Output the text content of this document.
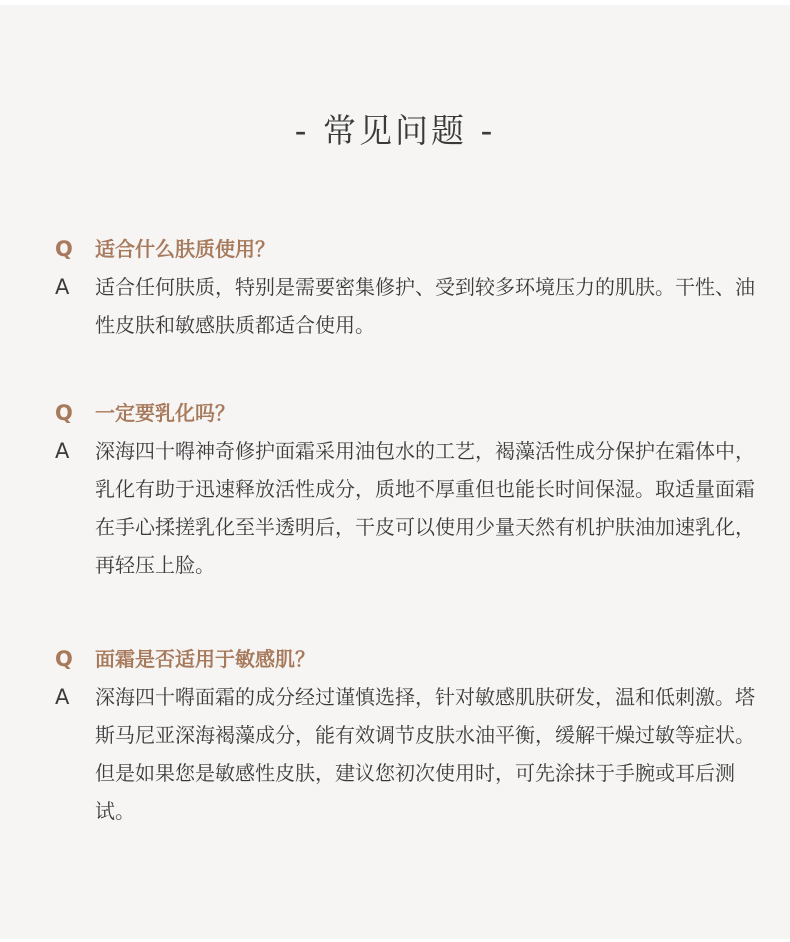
- 常见问题 -
Q 适合什么肤质使用？
A 适合任何肤质，特别是需要密集修护、受到较多环境压力的肌肤。干性、油性皮肤和敏感肤质都适合使用。
Q 一定要乳化吗？
A 深海四十嘚神奇修护面霜采用油包水的工艺，褐藻活性成分保护在霜体中，乳化有助于迅速释放活性成分，质地不厚重但也能长时间保湿。取适量面霜在手心揉搓乳化至半透明后，干皮可以使用少量天然有机护肤油加速乳化，再轻压上脸。
Q 面霜是否适用于敏感肌？
A 深海四十嘚面霜的成分经过谨慎选择，针对敏感肌肤研发，温和低刺激。塔斯马尼亚深海褐藻成分，能有效调节皮肤水油平衡，缓解干燥过敏等症状。但是如果您是敏感性皮肤，建议您初次使用时，可先涂抹于手腕或耳后测试。
